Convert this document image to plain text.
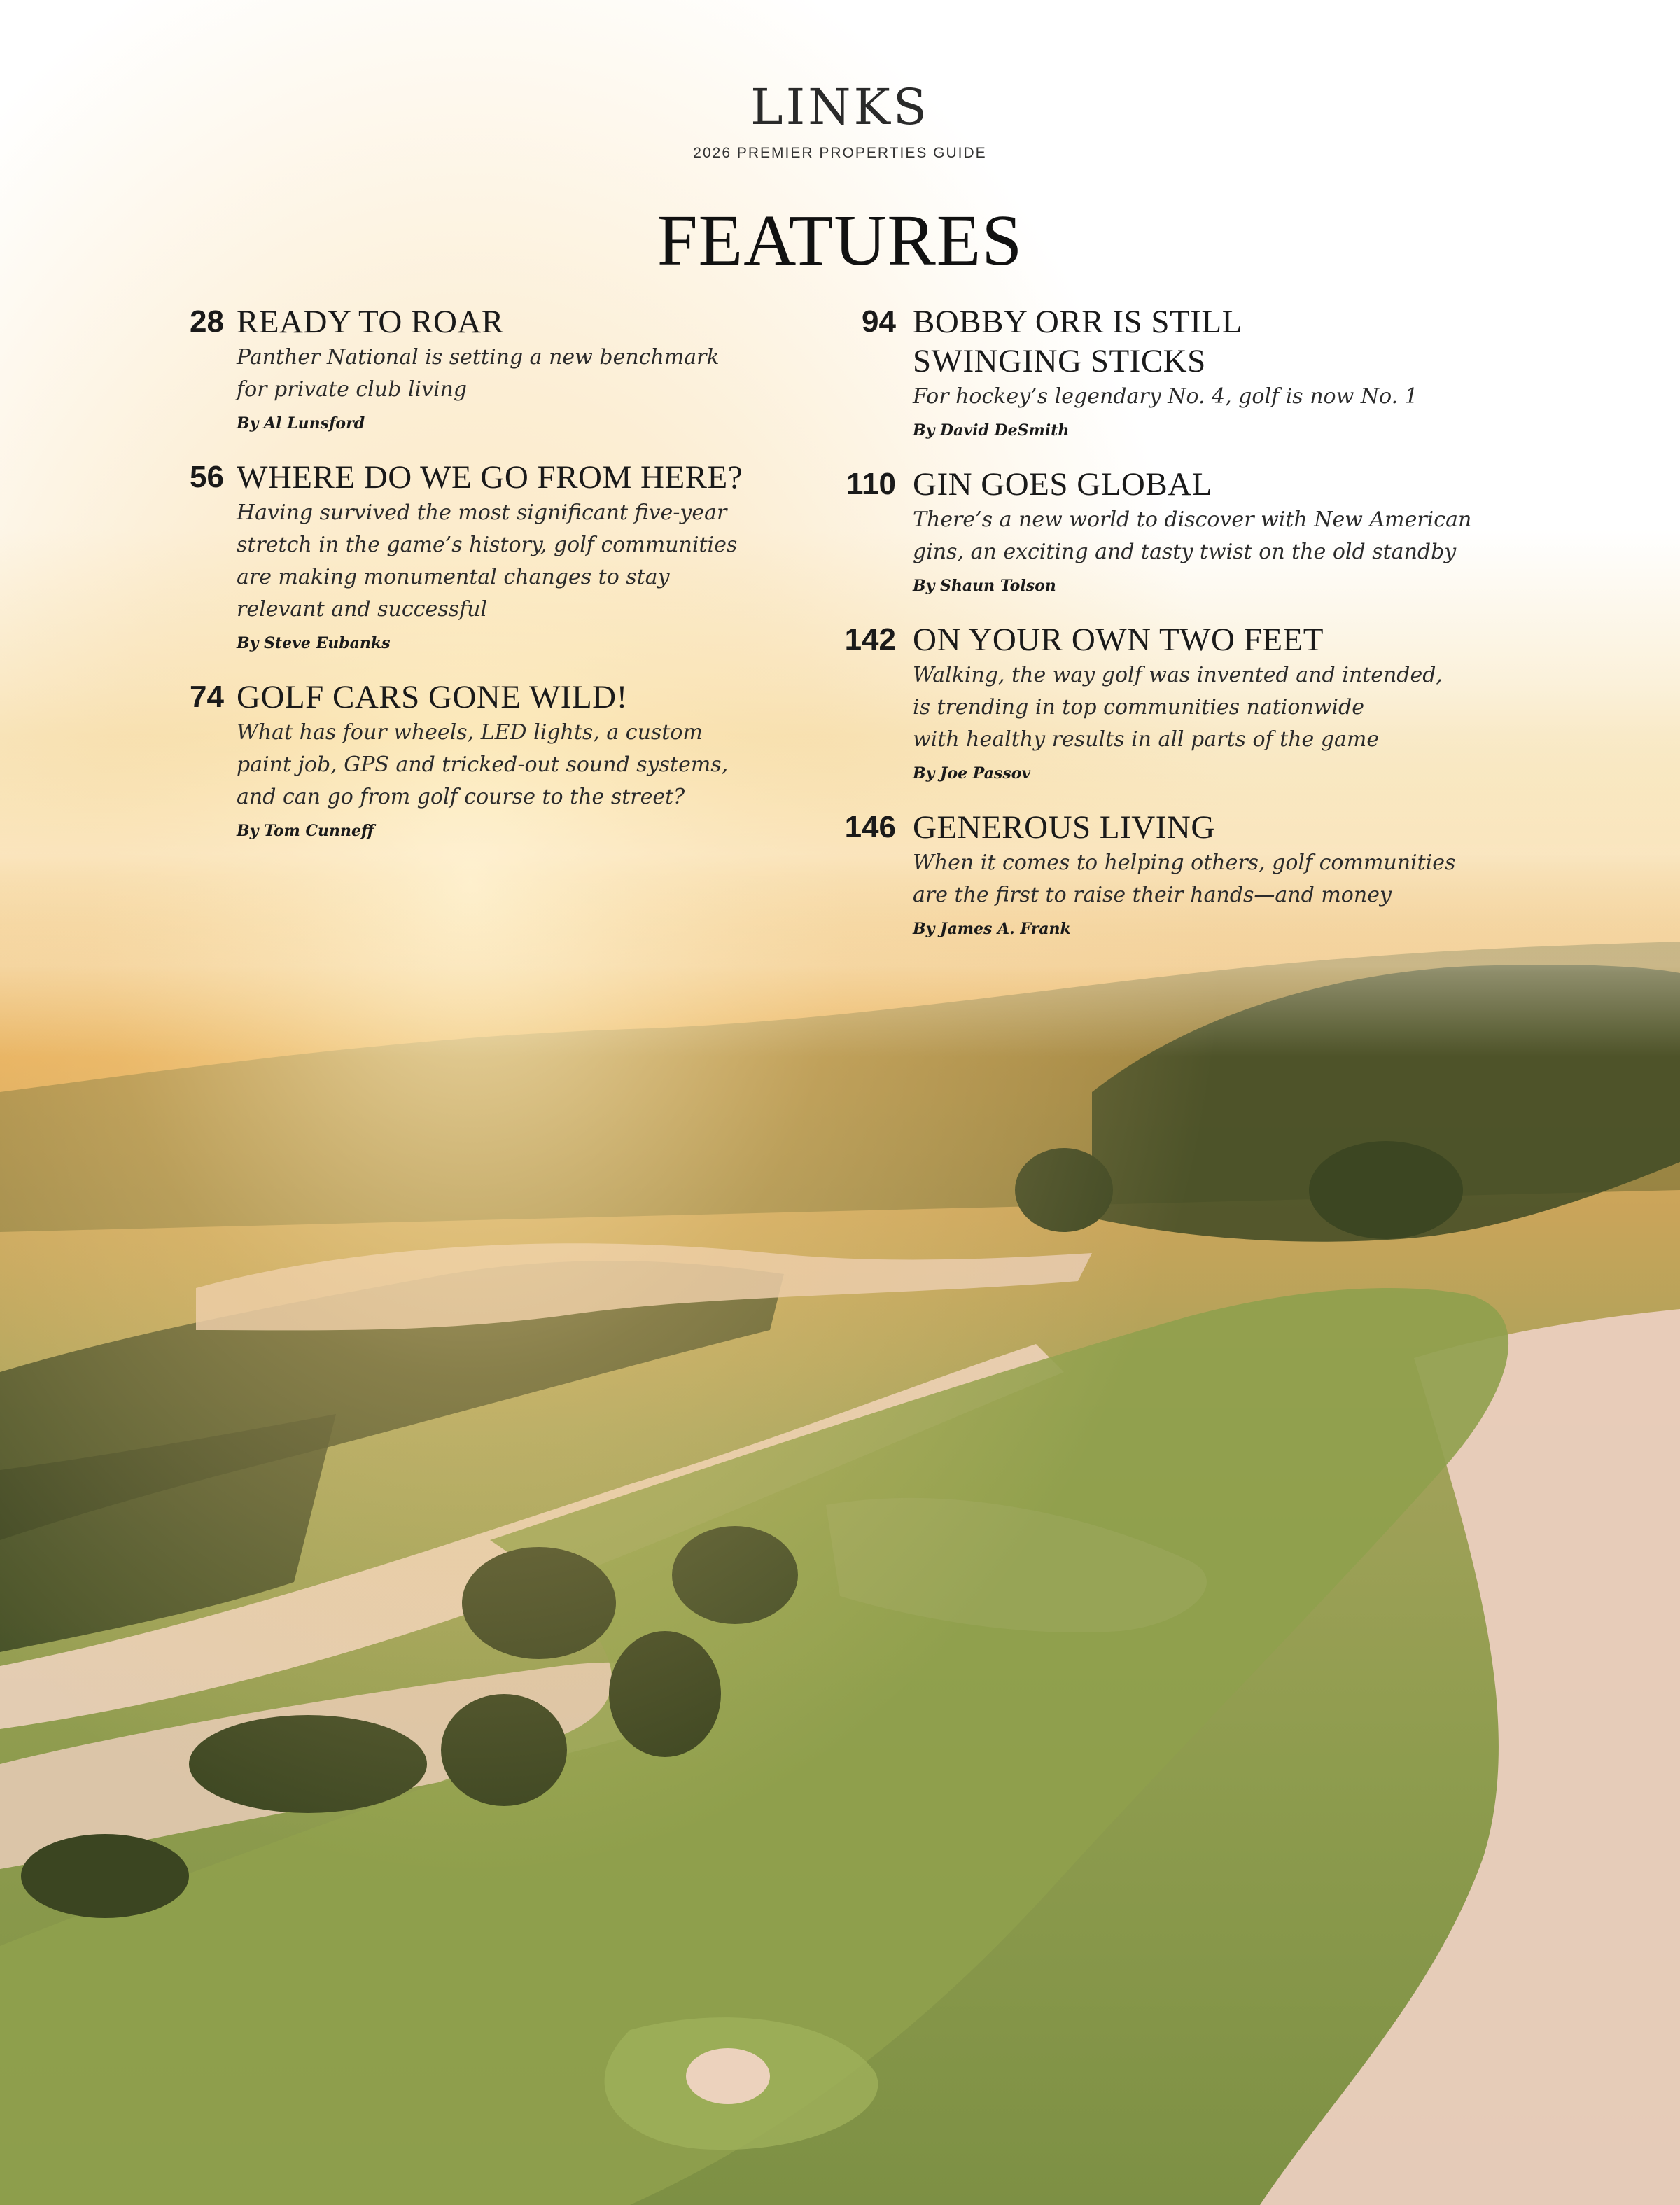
LINKS
2026 PREMIER PROPERTIES GUIDE
FEATURES
28 READY TO ROAR
Panther National is setting a new benchmark
for private club living
By Al Lunsford
56 WHERE DO WE GO FROM HERE?
Having survived the most significant five-year
stretch in the game’s history, golf communities
are making monumental changes to stay
relevant and successful
By Steve Eubanks
74 GOLF CARS GONE WILD!
What has four wheels, LED lights, a custom
paint job, GPS and tricked-out sound systems,
and can go from golf course to the street?
By Tom Cunneff
94 BOBBY ORR IS STILL
SWINGING STICKS
For hockey’s legendary No. 4, golf is now No. 1
By David DeSmith
110 GIN GOES GLOBAL
There’s a new world to discover with New American
gins, an exciting and tasty twist on the old standby
By Shaun Tolson
142 ON YOUR OWN TWO FEET
Walking, the way golf was invented and intended,
is trending in top communities nationwide
with healthy results in all parts of the game
By Joe Passov
146 GENEROUS LIVING
When it comes to helping others, golf communities
are the first to raise their hands—and money
By James A. Frank
